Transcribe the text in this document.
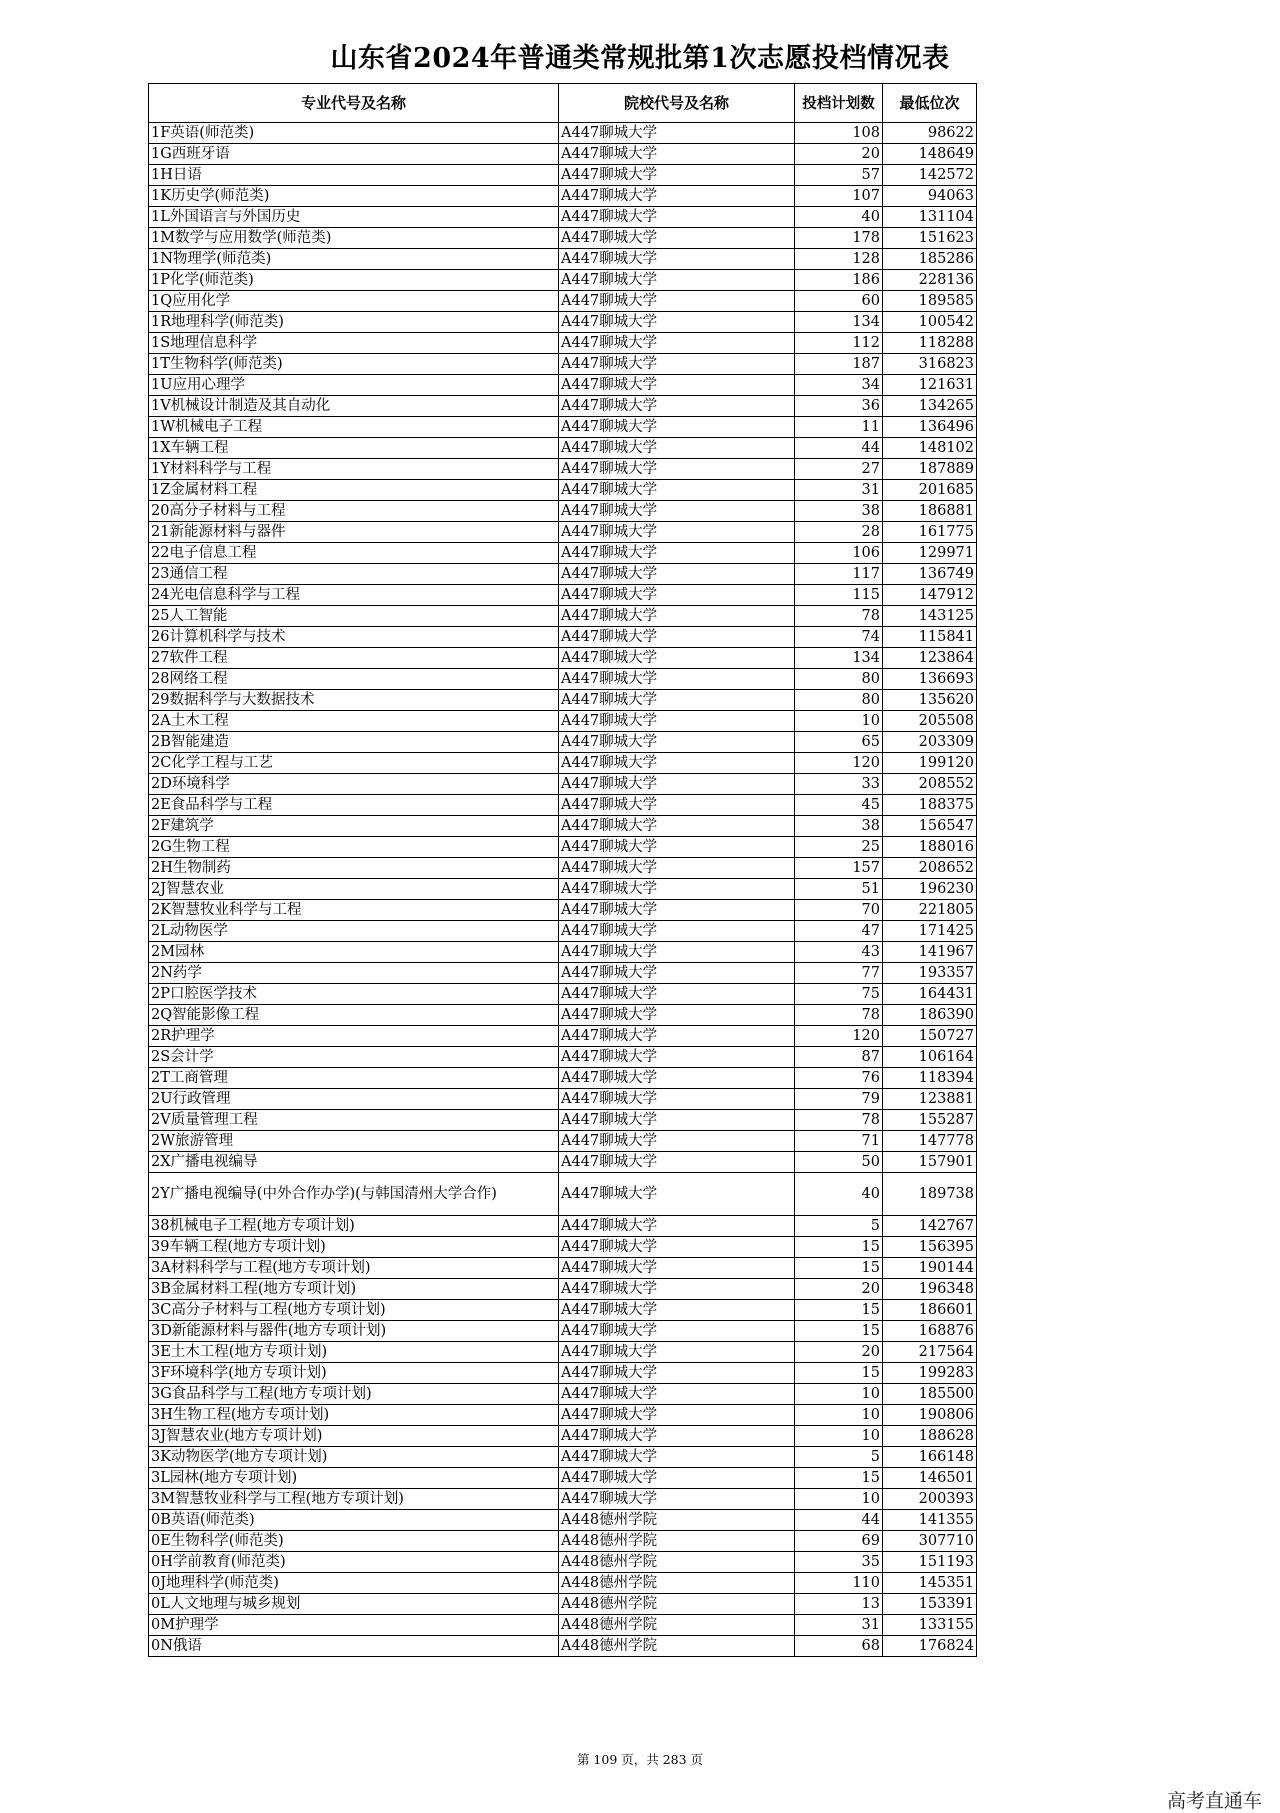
山东省2024年普通类常规批第1次志愿投档情况表
专业代号及名称	院校代号及名称	投档计划数	最低位次
1F英语(师范类)	A447聊城大学	108	98622
1G西班牙语	A447聊城大学	20	148649
1H日语	A447聊城大学	57	142572
1K历史学(师范类)	A447聊城大学	107	94063
1L外国语言与外国历史	A447聊城大学	40	131104
1M数学与应用数学(师范类)	A447聊城大学	178	151623
1N物理学(师范类)	A447聊城大学	128	185286
1P化学(师范类)	A447聊城大学	186	228136
1Q应用化学	A447聊城大学	60	189585
1R地理科学(师范类)	A447聊城大学	134	100542
1S地理信息科学	A447聊城大学	112	118288
1T生物科学(师范类)	A447聊城大学	187	316823
1U应用心理学	A447聊城大学	34	121631
1V机械设计制造及其自动化	A447聊城大学	36	134265
1W机械电子工程	A447聊城大学	11	136496
1X车辆工程	A447聊城大学	44	148102
1Y材料科学与工程	A447聊城大学	27	187889
1Z金属材料工程	A447聊城大学	31	201685
20高分子材料与工程	A447聊城大学	38	186881
21新能源材料与器件	A447聊城大学	28	161775
22电子信息工程	A447聊城大学	106	129971
23通信工程	A447聊城大学	117	136749
24光电信息科学与工程	A447聊城大学	115	147912
25人工智能	A447聊城大学	78	143125
26计算机科学与技术	A447聊城大学	74	115841
27软件工程	A447聊城大学	134	123864
28网络工程	A447聊城大学	80	136693
29数据科学与大数据技术	A447聊城大学	80	135620
2A土木工程	A447聊城大学	10	205508
2B智能建造	A447聊城大学	65	203309
2C化学工程与工艺	A447聊城大学	120	199120
2D环境科学	A447聊城大学	33	208552
2E食品科学与工程	A447聊城大学	45	188375
2F建筑学	A447聊城大学	38	156547
2G生物工程	A447聊城大学	25	188016
2H生物制药	A447聊城大学	157	208652
2J智慧农业	A447聊城大学	51	196230
2K智慧牧业科学与工程	A447聊城大学	70	221805
2L动物医学	A447聊城大学	47	171425
2M园林	A447聊城大学	43	141967
2N药学	A447聊城大学	77	193357
2P口腔医学技术	A447聊城大学	75	164431
2Q智能影像工程	A447聊城大学	78	186390
2R护理学	A447聊城大学	120	150727
2S会计学	A447聊城大学	87	106164
2T工商管理	A447聊城大学	76	118394
2U行政管理	A447聊城大学	79	123881
2V质量管理工程	A447聊城大学	78	155287
2W旅游管理	A447聊城大学	71	147778
2X广播电视编导	A447聊城大学	50	157901
2Y广播电视编导(中外合作办学)(与韩国清州大学合作)	A447聊城大学	40	189738
38机械电子工程(地方专项计划)	A447聊城大学	5	142767
39车辆工程(地方专项计划)	A447聊城大学	15	156395
3A材料科学与工程(地方专项计划)	A447聊城大学	15	190144
3B金属材料工程(地方专项计划)	A447聊城大学	20	196348
3C高分子材料与工程(地方专项计划)	A447聊城大学	15	186601
3D新能源材料与器件(地方专项计划)	A447聊城大学	15	168876
3E土木工程(地方专项计划)	A447聊城大学	20	217564
3F环境科学(地方专项计划)	A447聊城大学	15	199283
3G食品科学与工程(地方专项计划)	A447聊城大学	10	185500
3H生物工程(地方专项计划)	A447聊城大学	10	190806
3J智慧农业(地方专项计划)	A447聊城大学	10	188628
3K动物医学(地方专项计划)	A447聊城大学	5	166148
3L园林(地方专项计划)	A447聊城大学	15	146501
3M智慧牧业科学与工程(地方专项计划)	A447聊城大学	10	200393
0B英语(师范类)	A448德州学院	44	141355
0E生物科学(师范类)	A448德州学院	69	307710
0H学前教育(师范类)	A448德州学院	35	151193
0J地理科学(师范类)	A448德州学院	110	145351
0L人文地理与城乡规划	A448德州学院	13	153391
0M护理学	A448德州学院	31	133155
0N俄语	A448德州学院	68	176824
第 109 页，共 283 页
高考直通车
